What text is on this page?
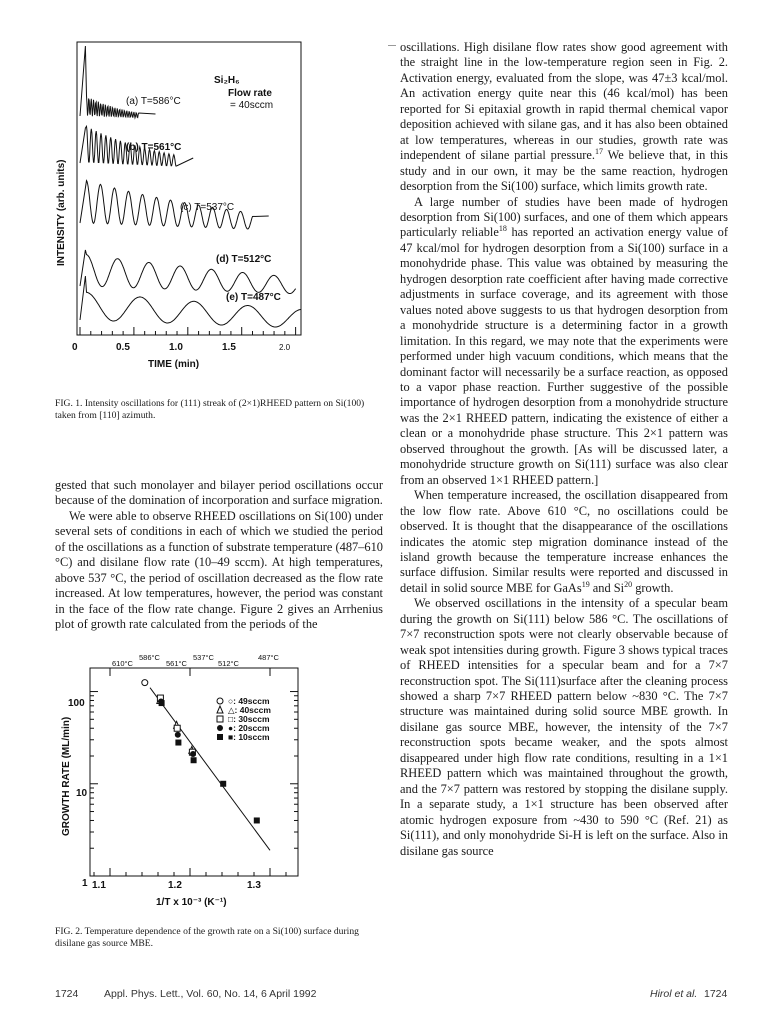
Si₂H₆
Flow rate
= 40sccm
(a) T=586°C
(b) T=561°C
(c) T=537°C
(d) T=512°C
(e) T=487°C
INTENSITY (arb. units)
0	0.5	1.0	1.5	2.0
TIME (min)
FIG. 1. Intensity oscillations for (111) streak of (2×1)RHEED pattern on Si(100) taken from [110] azimuth.

gested that such monolayer and bilayer period oscillations occur because of the domination of incorporation and surface migration.

We were able to observe RHEED oscillations on Si(100) under several sets of conditions in each of which we studied the period of the oscillations as a function of substrate temperature (487–610 °C) and disilane flow rate (10–49 sccm). At high temperatures, above 537 °C, the period of oscillation decreased as the flow rate increased. At low temperatures, however, the period was constant in the face of the flow rate change. Figure 2 gives an Arrhenius plot of growth rate calculated from the periods of the

610°C
586°C
561°C
537°C
512°C
487°C
○: 49sccm
△: 40sccm
□: 30sccm
●: 20sccm
■: 10sccm
100
10
1 1.1	1.2	1.3
1/T x 10⁻³ (K⁻¹)
GROWTH RATE (ML/min)
FIG. 2. Temperature dependence of the growth rate on a Si(100) surface during disilane gas source MBE.

oscillations. High disilane flow rates show good agreement with the straight line in the low-temperature region seen in Fig. 2. Activation energy, evaluated from the slope, was 47±3 kcal/mol. An activation energy quite near this (46 kcal/mol) has been reported for Si epitaxial growth in rapid thermal chemical vapor deposition achieved with silane gas, and it has also been obtained at low temperatures, whereas in our studies, growth rate was independent of silane partial pressure.$^{17}$ We believe that, in this study and in our own, it may be the same reaction, hydrogen desorption from the Si(100) surface, which limits growth rate.

A large number of studies have been made of hydrogen desorption from Si(100) surfaces, and one of them which appears particularly reliable$^{18}$ has reported an activation energy value of 47 kcal/mol for hydrogen desorption from a Si(100) surface in a monohydride phase. This value was obtained by measuring the hydrogen desorption rate coefficient after having made corrective adjustments in surface coverage, and its agreement with those values noted above suggests to us that hydrogen desorption from a monohydride structure is a determining factor in a growth limitation. In this regard, we may note that the experiments were performed under high vacuum conditions, which means that the dominant factor will necessarily be a surface reaction, as opposed to a vapor phase reaction. Further suggestive of the possible importance of hydrogen desorption from a monohydride structure was the 2×1 RHEED pattern, indicating the existence of either a clean or a monohydride phase structure. This 2×1 pattern was observed throughout the growth. [As will be discussed later, a monohydride structure growth on Si(111) surface was also clear from an observed 1×1 RHEED pattern.]

When temperature increased, the oscillation disappeared from the low flow rate. Above 610 °C, no oscillations could be observed. It is thought that the disappearance of the oscillations indicates the atomic step migration dominance instead of the island growth because the temperature increase enhances the surface diffusion. Similar results were reported and discussed in detail in solid source MBE for GaAs$^{19}$ and Si$^{20}$ growth.

We observed oscillations in the intensity of a specular beam during the growth on Si(111) below 586 °C. The oscillations of 7×7 reconstruction spots were not clearly observable because of weak spot intensities during growth. Figure 3 shows typical traces of RHEED intensities for a specular beam and for a 7×7 reconstruction spot. The Si(111)surface after the cleaning process showed a sharp 7×7 RHEED pattern below ~830 °C. The 7×7 structure was maintained during solid source MBE growth. In disilane gas source MBE, however, the intensity of the 7×7 reconstruction spots became weaker, and the spots almost disappeared under high flow rate conditions, resulting in a 1×1 RHEED pattern which was maintained throughout the growth, and the 7×7 pattern was restored by stopping the disilane supply. In a separate study, a 1×1 structure has been observed after atomic hydrogen exposure from ~430 to 590 °C (Ref. 21) as Si(111), and only monohydride Si-H is left on the surface. Also in disilane gas source

1724 Appl. Phys. Lett., Vol. 60, No. 14, 6 April 1992	Hirol et al. 1724
